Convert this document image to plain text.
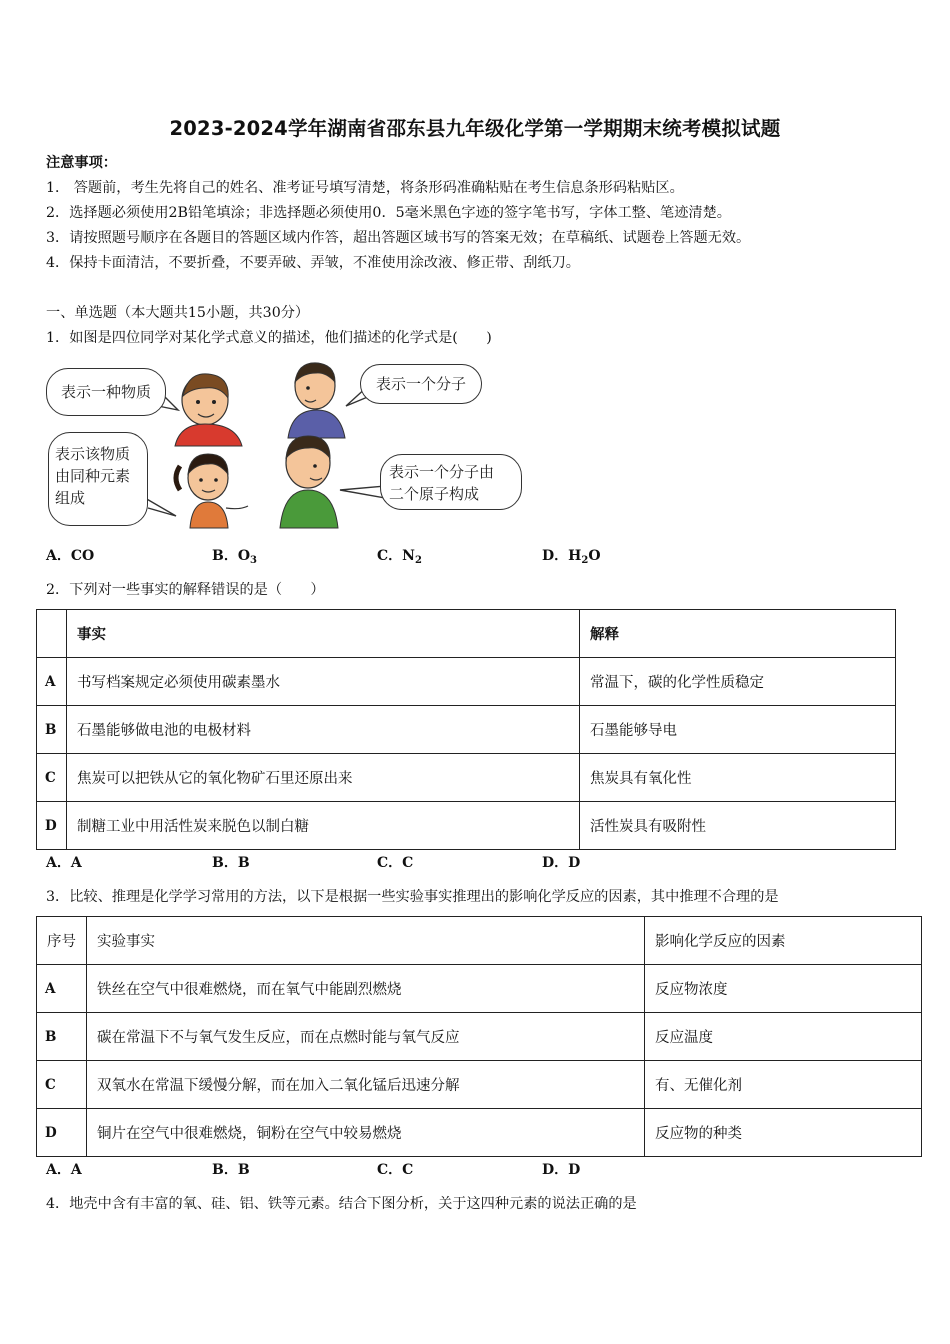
2023-2024学年湖南省邵东县九年级化学第一学期期末统考模拟试题
注意事项：
1． 答题前，考生先将自己的姓名、准考证号填写清楚，将条形码准确粘贴在考生信息条形码粘贴区。
2．选择题必须使用2B铅笔填涂；非选择题必须使用0．5毫米黑色字迹的签字笔书写，字体工整、笔迹清楚。
3．请按照题号顺序在各题目的答题区域内作答，超出答题区域书写的答案无效；在草稿纸、试题卷上答题无效。
4．保持卡面清洁，不要折叠，不要弄破、弄皱，不准使用涂改液、修正带、刮纸刀。
一、单选题（本大题共15小题，共30分）
1．如图是四位同学对某化学式意义的描述，他们描述的化学式是(　　)
表示一种物质	表示一个分子
表示该物质
由同种元素
组成
表示一个分子由
二个原子构成
A．CO	B．$O_3$	C．$N_2$	D．$H_2O$
2．下列对一些事实的解释错误的是（　　）
	事实	解释
A	书写档案规定必须使用碳素墨水	常温下，碳的化学性质稳定
B	石墨能够做电池的电极材料	石墨能够导电
C	焦炭可以把铁从它的氧化物矿石里还原出来	焦炭具有氧化性
D	制糖工业中用活性炭来脱色以制白糖	活性炭具有吸附性
A．A	B．B	C．C	D．D
3．比较、推理是化学学习常用的方法，以下是根据一些实验事实推理出的影响化学反应的因素，其中推理不合理的是
序号	实验事实	影响化学反应的因素
A	铁丝在空气中很难燃烧，而在氧气中能剧烈燃烧	反应物浓度
B	碳在常温下不与氧气发生反应，而在点燃时能与氧气反应	反应温度
C	双氧水在常温下缓慢分解，而在加入二氧化锰后迅速分解	有、无催化剂
D	铜片在空气中很难燃烧，铜粉在空气中较易燃烧	反应物的种类
A．A	B．B	C．C	D．D
4．地壳中含有丰富的氧、硅、铝、铁等元素。结合下图分析，关于这四种元素的说法正确的是
